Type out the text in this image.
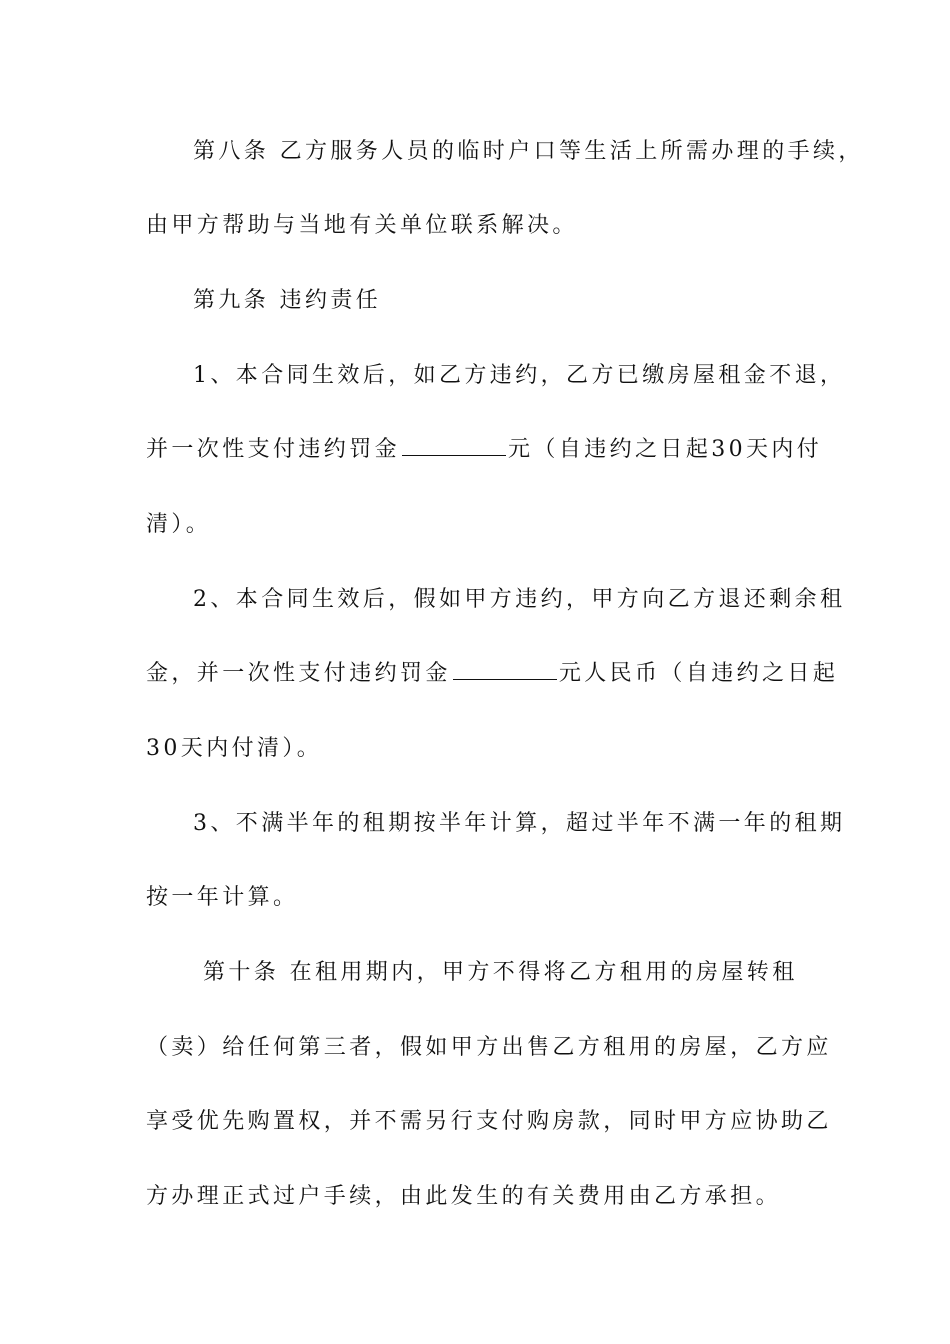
第八条 乙方服务人员的临时户口等生活上所需办理的手续，
由甲方帮助与当地有关单位联系解决。
第九条 违约责任
1、本合同生效后，如乙方违约，乙方已缴房屋租金不退，
并一次性支付违约罚金	元（自违约之日起30天内付
清）。
2、本合同生效后，假如甲方违约，甲方向乙方退还剩余租
金，并一次性支付违约罚金	元人民币（自违约之日起
30天内付清）。
3、不满半年的租期按半年计算，超过半年不满一年的租期
按一年计算。
第十条 在租用期内，甲方不得将乙方租用的房屋转租
（卖）给任何第三者，假如甲方出售乙方租用的房屋，乙方应
享受优先购置权，并不需另行支付购房款，同时甲方应协助乙
方办理正式过户手续，由此发生的有关费用由乙方承担。
